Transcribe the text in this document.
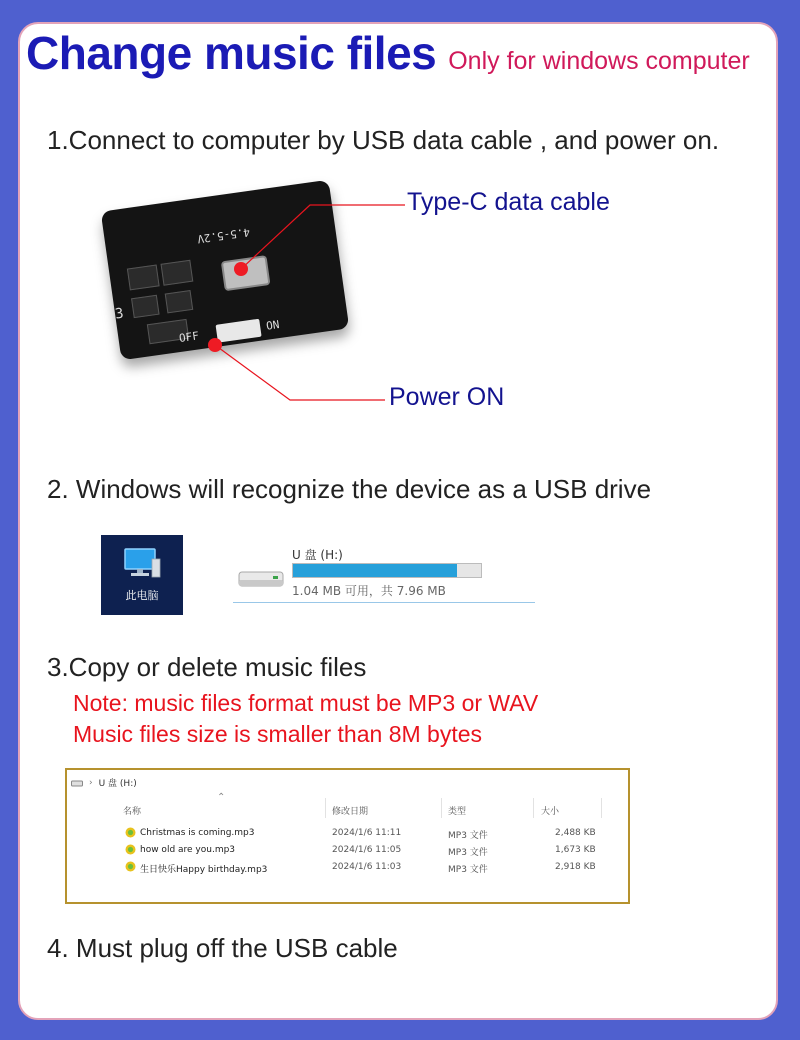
Change music files Only for windows computer
1.Connect to computer by USB data cable , and power on.
4.5-5.2V
3
OFF
ON
Type-C data cable
Power ON
2. Windows will recognize the device as a USB drive
此电脑
U 盘 (H:)
1.04 MB 可用，共 7.96 MB
3.Copy or delete music files
Note: music files format must be MP3 or WAV
Music files size is smaller than 8M bytes
› U 盘 (H:)
⌃
名称	修改日期	类型	大小
Christmas is coming.mp3	2024/1/6 11:11	MP3 文件	2,488 KB
how old are you.mp3	2024/1/6 11:05	MP3 文件	1,673 KB
生日快乐Happy birthday.mp3	2024/1/6 11:03	MP3 文件	2,918 KB
4. Must plug off the USB cable
